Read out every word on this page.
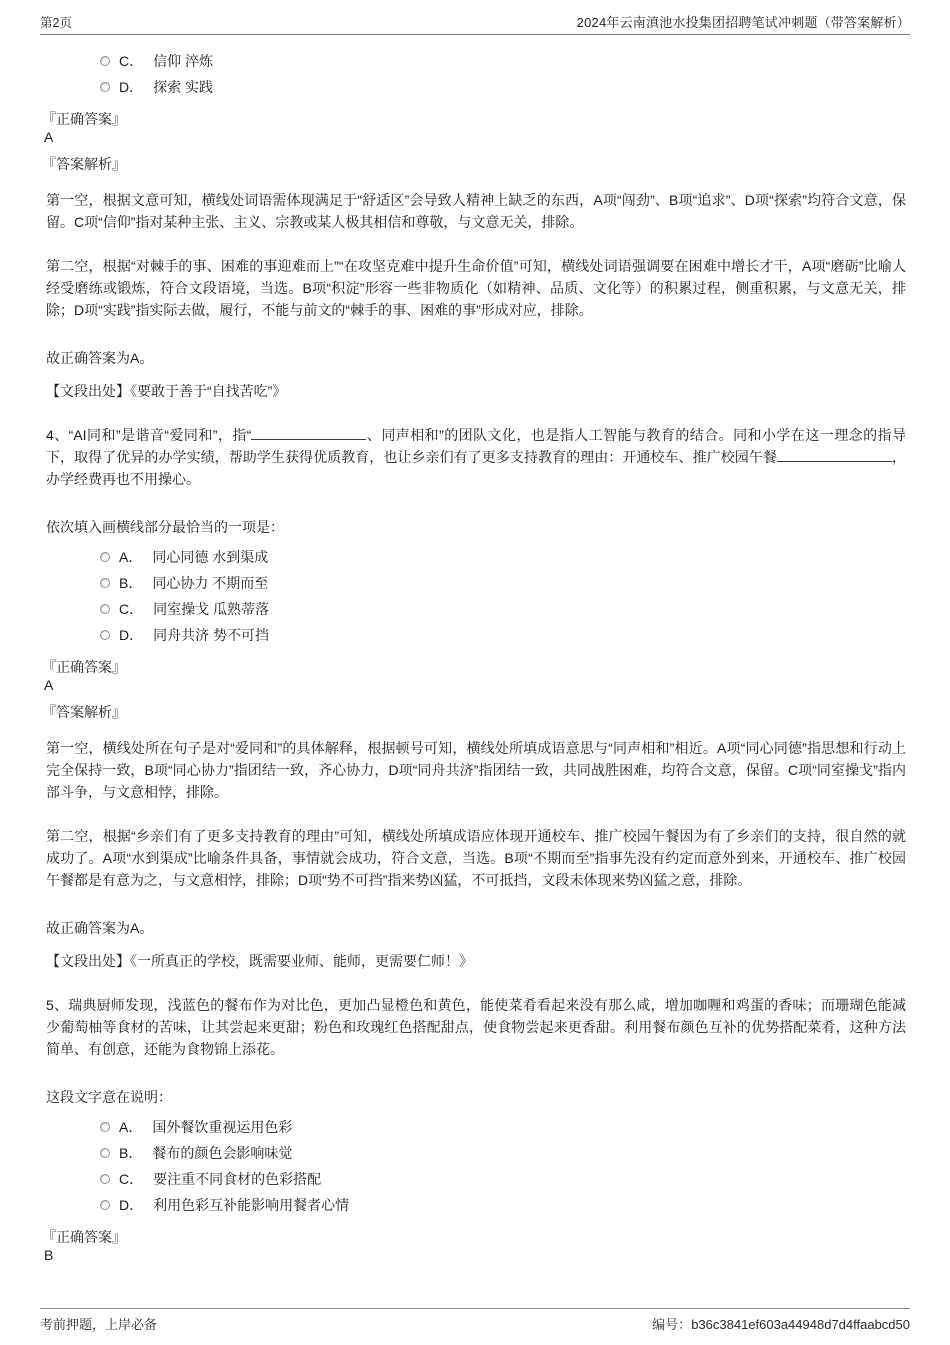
第2页	2024年云南滇池水投集团招聘笔试冲刺题（带答案解析）
C． 信仰 淬炼
D． 探索 实践
『正确答案』
A
『答案解析』

第一空，根据文意可知，横线处词语需体现满足于“舒适区”会导致人精神上缺乏的东西，A项“闯劲”、B项“追求”、D项“探索”均符合文意，保留。C项“信仰”指对某种主张、主义、宗教或某人极其相信和尊敬，与文意无关，排除。

第二空，根据“对棘手的事、困难的事迎难而上”“在攻坚克难中提升生命价值”可知，横线处词语强调要在困难中增长才干，A项“磨砺”比喻人经受磨练或锻炼，符合文段语境，当选。B项“积淀”形容一些非物质化（如精神、品质、文化等）的积累过程，侧重积累，与文意无关，排除；D项“实践”指实际去做，履行，不能与前文的“棘手的事、困难的事”形成对应，排除。

故正确答案为A。

【文段出处】《要敢于善于“自找苦吃”》

4、“AI同和”是谐音“爱同和”，指“	、同声相和”的团队文化，也是指人工智能与教育的结合。同和小学在这一理念的指导下，取得了优异的办学实绩，帮助学生获得优质教育，也让乡亲们有了更多支持教育的理由：开通校车、推广校园午餐	，办学经费再也不用操心。

依次填入画横线部分最恰当的一项是：

A． 同心同德 水到渠成
B． 同心协力 不期而至
C． 同室操戈 瓜熟蒂落
D． 同舟共济 势不可挡
『正确答案』
A
『答案解析』

第一空，横线处所在句子是对“爱同和”的具体解释，根据顿号可知，横线处所填成语意思与“同声相和”相近。A项“同心同德”指思想和行动上完全保持一致，B项“同心协力”指团结一致，齐心协力，D项“同舟共济”指团结一致，共同战胜困难，均符合文意，保留。C项“同室操戈”指内部斗争，与文意相悖，排除。

第二空，根据“乡亲们有了更多支持教育的理由”可知，横线处所填成语应体现开通校车、推广校园午餐因为有了乡亲们的支持，很自然的就成功了。A项“水到渠成”比喻条件具备，事情就会成功，符合文意，当选。B项“不期而至”指事先没有约定而意外到来，开通校车、推广校园午餐都是有意为之，与文意相悖，排除；D项“势不可挡”指来势凶猛，不可抵挡，文段未体现来势凶猛之意，排除。

故正确答案为A。

【文段出处】《一所真正的学校，既需要业师、能师，更需要仁师！》

5、瑞典厨师发现，浅蓝色的餐布作为对比色，更加凸显橙色和黄色，能使菜肴看起来没有那么咸，增加咖喱和鸡蛋的香味；而珊瑚色能减少葡萄柚等食材的苦味，让其尝起来更甜；粉色和玫瑰红色搭配甜点，使食物尝起来更香甜。利用餐布颜色互补的优势搭配菜肴，这种方法简单、有创意，还能为食物锦上添花。

这段文字意在说明：

A． 国外餐饮重视运用色彩
B． 餐布的颜色会影响味觉
C． 要注重不同食材的色彩搭配
D． 利用色彩互补能影响用餐者心情
『正确答案』
B
考前押题，上岸必备	编号：b36c3841ef603a44948d7d4ffaabcd50
